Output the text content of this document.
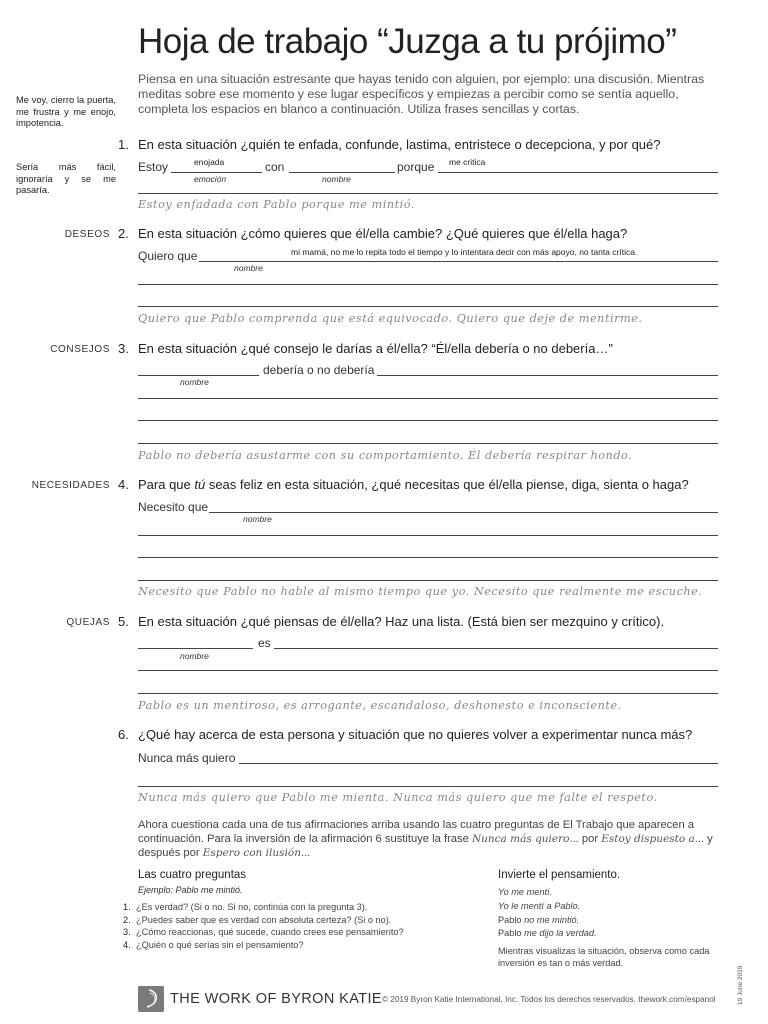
Hoja de trabajo “Juzga a tu prójimo”
Piensa en una situación estresante que hayas tenido con alguien, por ejemplo: una discusión. Mientras meditas sobre ese momento y ese lugar específicos y empiezas a percibir como se sentía aquello, completa los espacios en blanco a continuación. Utiliza frases sencillas y cortas.
Me voy, cierro la puerta, me frustra y me enojo, impotencia.
Sería más fácil, ignoraría y se me pasaría.
1. En esta situación ¿quién te enfada, confunde, lastima, entristece o decepciona, y por qué?
Estoy	enojada
emoción
con
nombre
porque me critica
Estoy enfadada con Pablo porque me mintió.
DESEOS 2. En esta situación ¿cómo quieres que él/ella cambie? ¿Qué quieres que él/ella haga?
Quiero que	mi mamá, no me lo repita todo el tiempo y lo intentara decir con más apoyo, no tanta crítica.
nombre
Quiero que Pablo comprenda que está equivocado. Quiero que deje de mentirme.
CONSEJOS 3. En esta situación ¿qué consejo le darías a él/ella? “Él/ella debería o no debería…”
nombre
debería o no debería
Pablo no debería asustarme con su comportamiento. Él debería respirar hondo.
NECESIDADES 4. Para que tú seas feliz en esta situación, ¿qué necesitas que él/ella piense, diga, sienta o haga?
Necesito que
nombre
Necesito que Pablo no hable al mismo tiempo que yo. Necesito que realmente me escuche.
QUEJAS 5. En esta situación ¿qué piensas de él/ella? Haz una lista. (Está bien ser mezquino y crítico).
nombre
es
Pablo es un mentiroso, es arrogante, escandaloso, deshonesto e inconsciente.
6. ¿Qué hay acerca de esta persona y situación que no quieres volver a experimentar nunca más?
Nunca más quiero
Nunca más quiero que Pablo me mienta. Nunca más quiero que me falte el respeto.
Ahora cuestiona cada una de tus afirmaciones arriba usando las cuatro preguntas de El Trabajo que aparecen a continuación. Para la inversión de la afirmación 6 sustituye la frase Nunca más quiero... por Estoy dispuesto a... y después por Espero con ilusión...
Las cuatro preguntas
Ejemplo: Pablo me mintió.
1. ¿Es verdad? (Si o no. Si no, continúa con la pregunta 3).
2. ¿Puedes saber que es verdad con absoluta certeza? (Si o no).
3. ¿Cómo reaccionas, qué sucede, cuando crees ese pensamiento?
4. ¿Quién o qué serías sin el pensamiento?
Invierte el pensamiento.
Yo me mentí.
Yo le mentí a Pablo.
Pablo no me mintió.
Pablo me dijo la verdad.
Mientras visualizas la situación, observa como cada inversión es tan o más verdad.
THE WORK OF BYRON KATIE © 2019 Byron Katie International, Inc. Todos los derechos reservados. thework.com/espanol	19 June 2019
